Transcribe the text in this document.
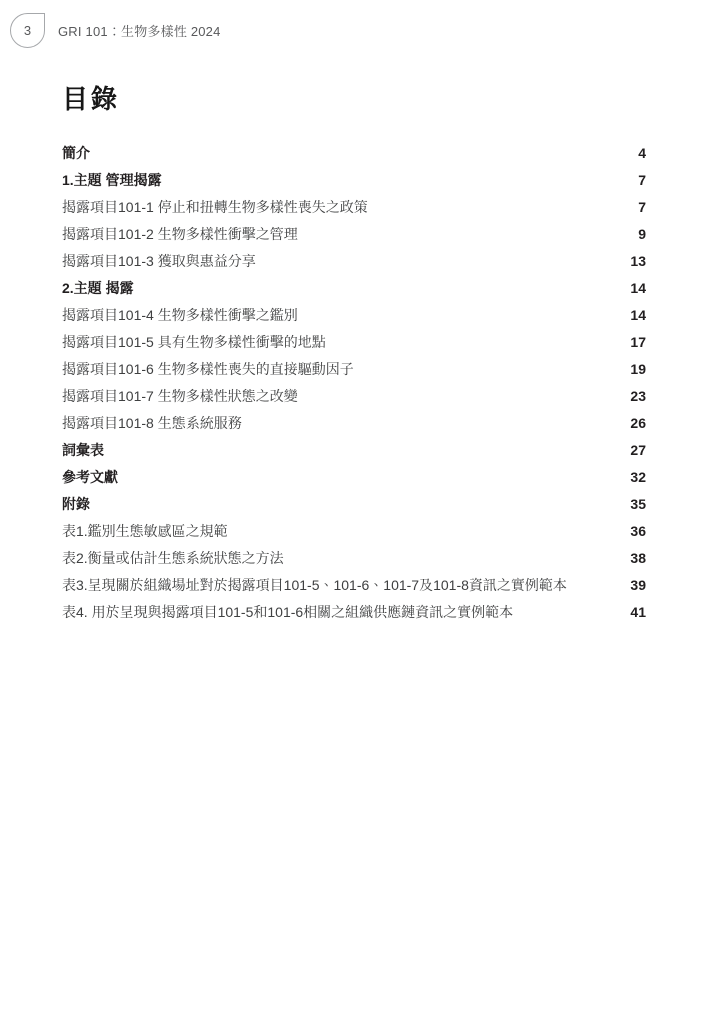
3 GRI 101：生物多樣性 2024
目錄
簡介	4
1.主題 管理揭露	7
揭露項目101-1 停止和扭轉生物多樣性喪失之政策	7
揭露項目101-2 生物多樣性衝擊之管理	9
揭露項目101-3 獲取與惠益分享	13
2.主題 揭露	14
揭露項目101-4 生物多樣性衝擊之鑑別	14
揭露項目101-5 具有生物多樣性衝擊的地點	17
揭露項目101-6 生物多樣性喪失的直接驅動因子	19
揭露項目101-7 生物多樣性狀態之改變	23
揭露項目101-8 生態系統服務	26
詞彙表	27
參考文獻	32
附錄	35
表1.鑑別生態敏感區之規範	36
表2.衡量或估計生態系統狀態之方法	38
表3.呈現關於組織場址對於揭露項目101-5、101-6、101-7及101-8資訊之實例範本	39
表4. 用於呈現與揭露項目101-5和101-6相關之組織供應鏈資訊之實例範本	41
